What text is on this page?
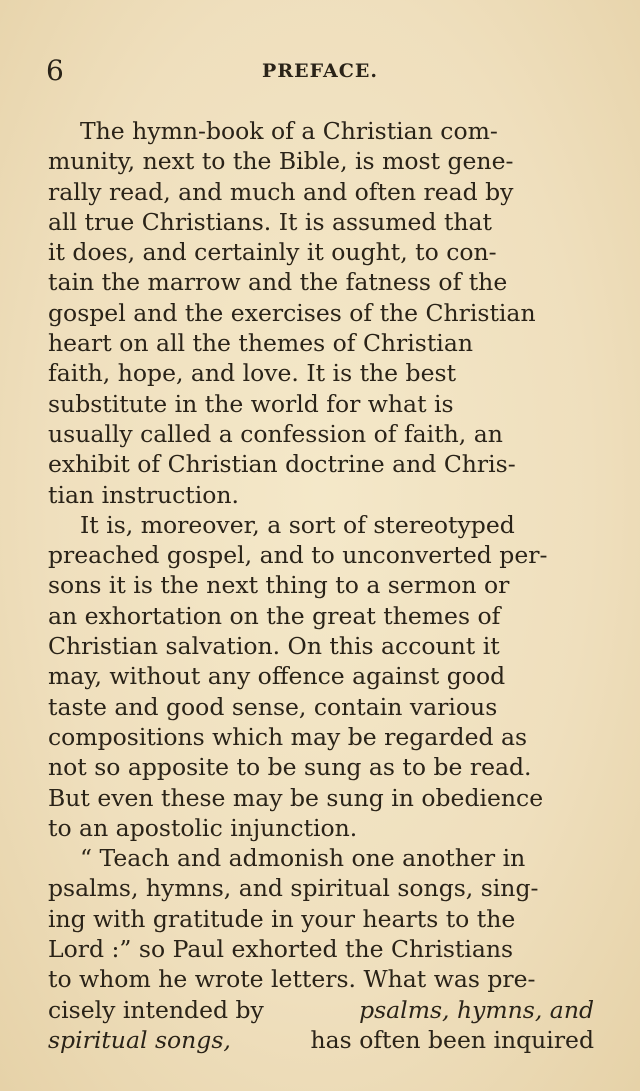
6	PREFACE.
The hymn-book of a Christian com-
munity, next to the Bible, is most gene-
rally read, and much and often read by
all true Christians. It is assumed that
it does, and certainly it ought, to con-
tain the marrow and the fatness of the
gospel and the exercises of the Christian
heart on all the themes of Christian
faith, hope, and love. It is the best
substitute in the world for what is
usually called a confession of faith, an
exhibit of Christian doctrine and Chris-
tian instruction.
It is, moreover, a sort of stereotyped
preached gospel, and to unconverted per-
sons it is the next thing to a sermon or
an exhortation on the great themes of
Christian salvation. On this account it
may, without any offence against good
taste and good sense, contain various
compositions which may be regarded as
not so apposite to be sung as to be read.
But even these may be sung in obedience
to an apostolic injunction.
“ Teach and admonish one another in
psalms, hymns, and spiritual songs, sing-
ing with gratitude in your hearts to the
Lord :” so Paul exhorted the Christians
to whom he wrote letters. What was pre-
cisely intended by	psalms, hymns, and
spiritual songs,	has often been inquired
